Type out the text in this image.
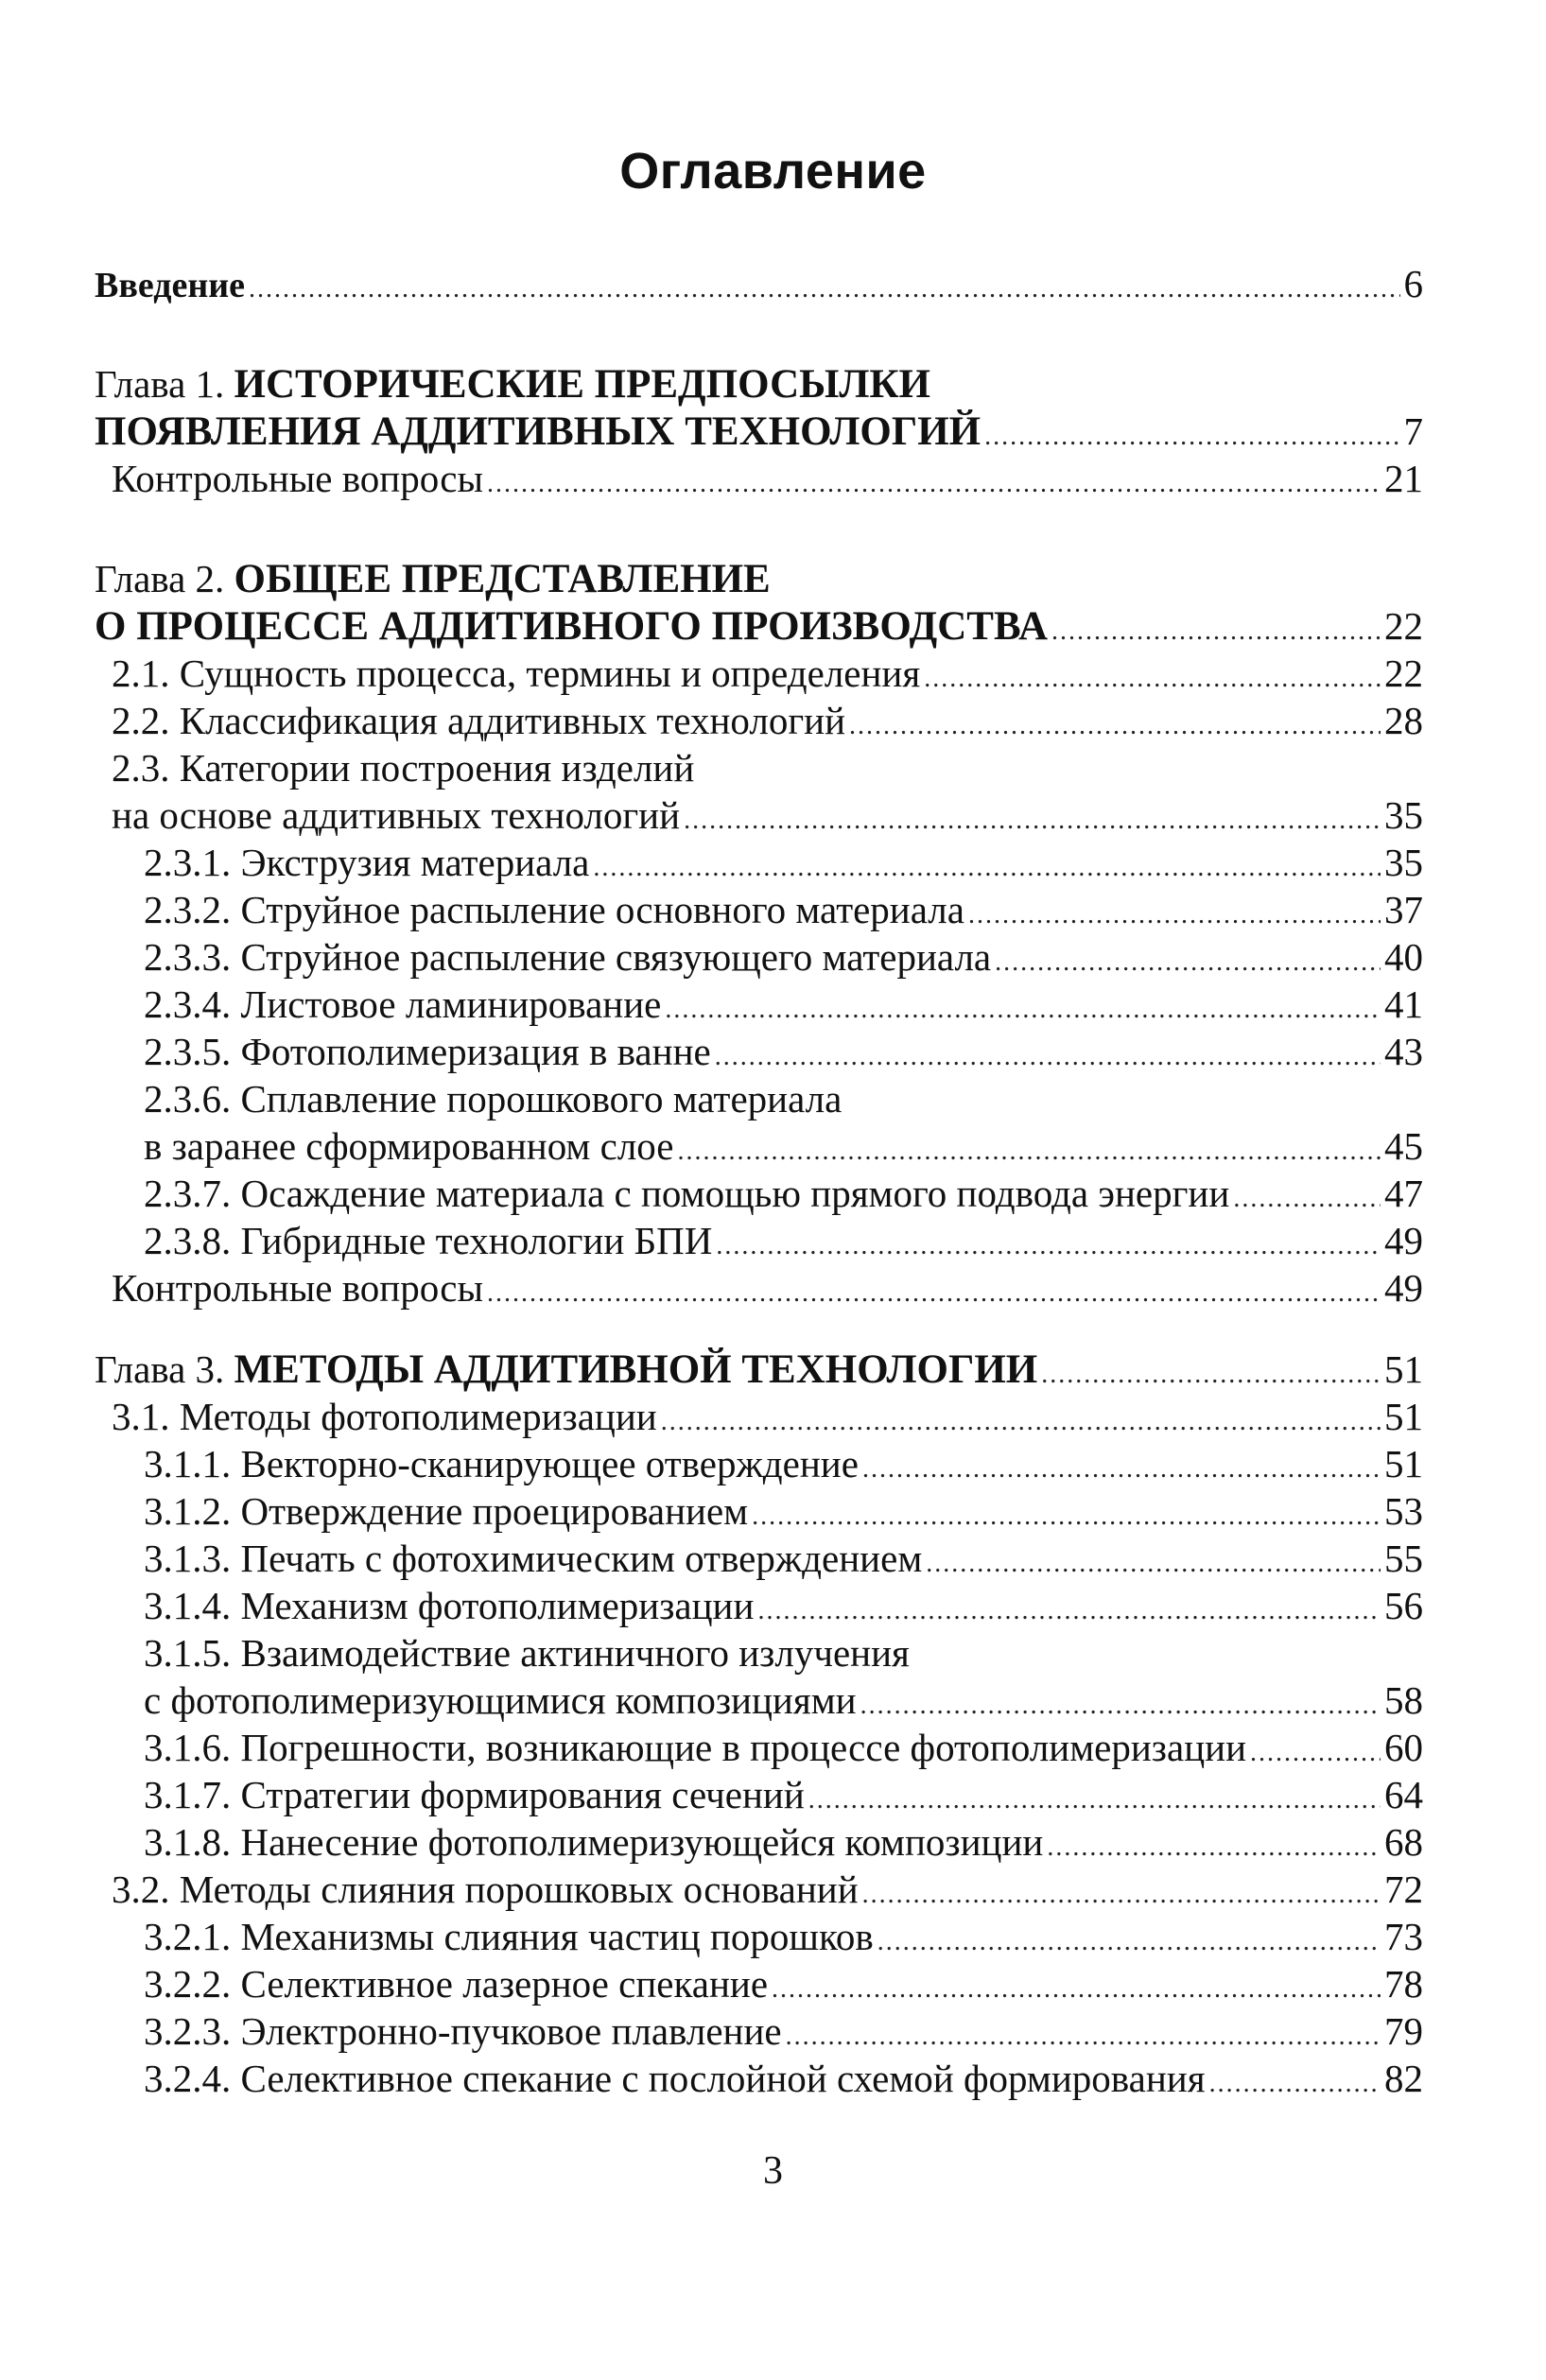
Оглавление
Введение .....	6
Глава 1. ИСТОРИЧЕСКИЕ ПРЕДПОСЫЛКИ
ПОЯВЛЕНИЯ АДДИТИВНЫХ ТЕХНОЛОГИЙ .....	7
Контрольные вопросы .....	21
Глава 2. ОБЩЕЕ ПРЕДСТАВЛЕНИЕ
О ПРОЦЕССЕ АДДИТИВНОГО ПРОИЗВОДСТВА .....	22
2.1. Сущность процесса, термины и определения .....	22
2.2. Классификация аддитивных технологий .....	28
2.3. Категории построения изделий
на основе аддитивных технологий .....	35
2.3.1. Экструзия материала .....	35
2.3.2. Струйное распыление основного материала .....	37
2.3.3. Струйное распыление связующего материала .....	40
2.3.4. Листовое ламинирование .....	41
2.3.5. Фотополимеризация в ванне .....	43
2.3.6. Сплавление порошкового материала
в заранее сформированном слое .....	45
2.3.7. Осаждение материала с помощью прямого подвода энергии .....	47
2.3.8. Гибридные технологии БПИ .....	49
Контрольные вопросы .....	49
Глава 3. МЕТОДЫ АДДИТИВНОЙ ТЕХНОЛОГИИ .....	51
3.1. Методы фотополимеризации .....	51
3.1.1. Векторно-сканирующее отверждение .....	51
3.1.2. Отверждение проецированием .....	53
3.1.3. Печать с фотохимическим отверждением .....	55
3.1.4. Механизм фотополимеризации .....	56
3.1.5. Взаимодействие актиничного излучения
с фотополимеризующимися композициями .....	58
3.1.6. Погрешности, возникающие в процессе фотополимеризации .....	60
3.1.7. Стратегии формирования сечений .....	64
3.1.8. Нанесение фотополимеризующейся композиции .....	68
3.2. Методы слияния порошковых оснований .....	72
3.2.1. Механизмы слияния частиц порошков .....	73
3.2.2. Селективное лазерное спекание .....	78
3.2.3. Электронно-пучковое плавление .....	79
3.2.4. Селективное спекание с послойной схемой формирования .....	82
3
